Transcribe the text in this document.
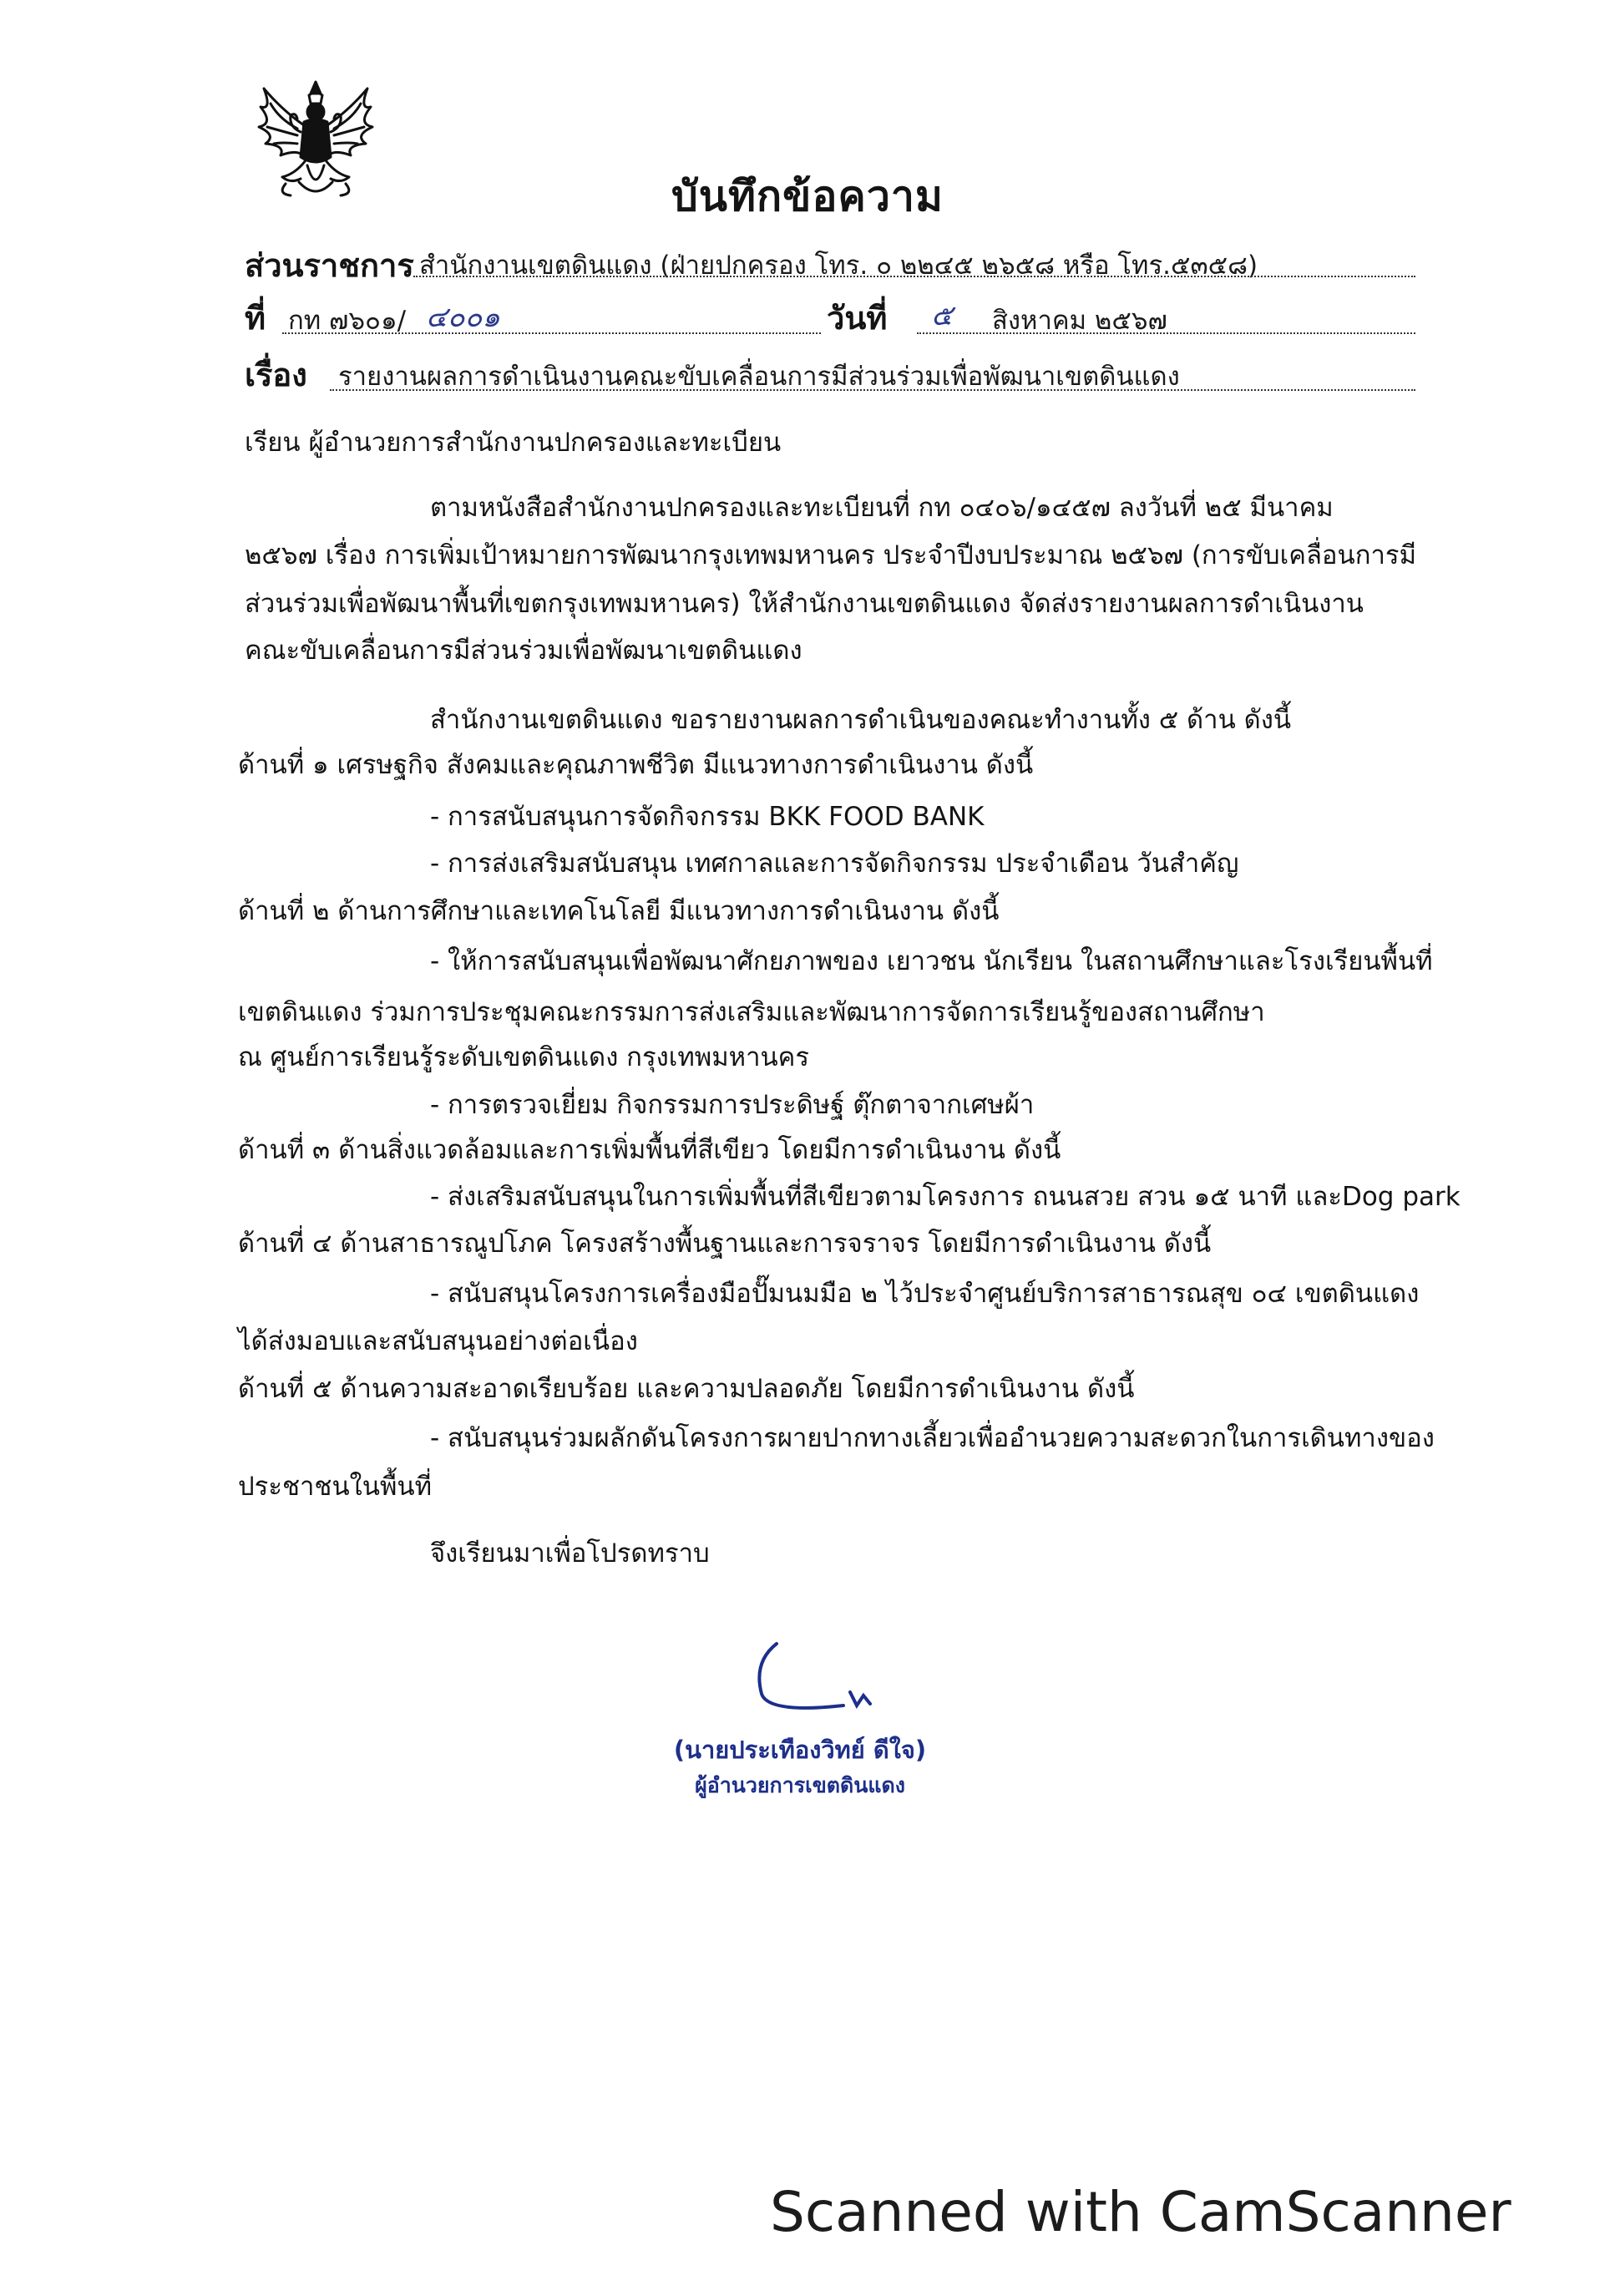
บันทึกข้อความ
ส่วนราชการ สำนักงานเขตดินแดง (ฝ่ายปกครอง โทร. ๐ ๒๒๔๕ ๒๖๕๘ หรือ โทร.๕๓๕๘)
ที่ กท ๗๖๐๑/ ๔๐๐๑	วันที่ ๕ สิงหาคม ๒๕๖๗
เรื่อง รายงานผลการดำเนินงานคณะขับเคลื่อนการมีส่วนร่วมเพื่อพัฒนาเขตดินแดง
เรียน ผู้อำนวยการสำนักงานปกครองและทะเบียน
ตามหนังสือสำนักงานปกครองและทะเบียนที่ กท ๐๔๐๖/๑๔๕๗ ลงวันที่ ๒๕ มีนาคม
๒๕๖๗ เรื่อง การเพิ่มเป้าหมายการพัฒนากรุงเทพมหานคร ประจำปีงบประมาณ ๒๕๖๗ (การขับเคลื่อนการมี
ส่วนร่วมเพื่อพัฒนาพื้นที่เขตกรุงเทพมหานคร) ให้สำนักงานเขตดินแดง จัดส่งรายงานผลการดำเนินงาน
คณะขับเคลื่อนการมีส่วนร่วมเพื่อพัฒนาเขตดินแดง
สำนักงานเขตดินแดง ขอรายงานผลการดำเนินของคณะทำงานทั้ง ๕ ด้าน ดังนี้
ด้านที่ ๑ เศรษฐกิจ สังคมและคุณภาพชีวิต มีแนวทางการดำเนินงาน ดังนี้
- การสนับสนุนการจัดกิจกรรม BKK FOOD BANK
- การส่งเสริมสนับสนุน เทศกาลและการจัดกิจกรรม ประจำเดือน วันสำคัญ
ด้านที่ ๒ ด้านการศึกษาและเทคโนโลยี มีแนวทางการดำเนินงาน ดังนี้
- ให้การสนับสนุนเพื่อพัฒนาศักยภาพของ เยาวชน นักเรียน ในสถานศึกษาและโรงเรียนพื้นที่
เขตดินแดง ร่วมการประชุมคณะกรรมการส่งเสริมและพัฒนาการจัดการเรียนรู้ของสถานศึกษา
ณ ศูนย์การเรียนรู้ระดับเขตดินแดง กรุงเทพมหานคร
- การตรวจเยี่ยม กิจกรรมการประดิษฐ์ ตุ๊กตาจากเศษผ้า
ด้านที่ ๓ ด้านสิ่งแวดล้อมและการเพิ่มพื้นที่สีเขียว โดยมีการดำเนินงาน ดังนี้
- ส่งเสริมสนับสนุนในการเพิ่มพื้นที่สีเขียวตามโครงการ ถนนสวย สวน ๑๕ นาที และDog park
ด้านที่ ๔ ด้านสาธารณูปโภค โครงสร้างพื้นฐานและการจราจร โดยมีการดำเนินงาน ดังนี้
- สนับสนุนโครงการเครื่องมือปั๊มนมมือ ๒ ไว้ประจำศูนย์บริการสาธารณสุข ๐๔ เขตดินแดง
ได้ส่งมอบและสนับสนุนอย่างต่อเนื่อง
ด้านที่ ๕ ด้านความสะอาดเรียบร้อย และความปลอดภัย โดยมีการดำเนินงาน ดังนี้
- สนับสนุนร่วมผลักดันโครงการผายปากทางเลี้ยวเพื่ออำนวยความสะดวกในการเดินทางของ
ประชาชนในพื้นที่
จึงเรียนมาเพื่อโปรดทราบ
(นายประเทืองวิทย์ ดีใจ)
ผู้อำนวยการเขตดินแดง
Scanned with CamScanner
